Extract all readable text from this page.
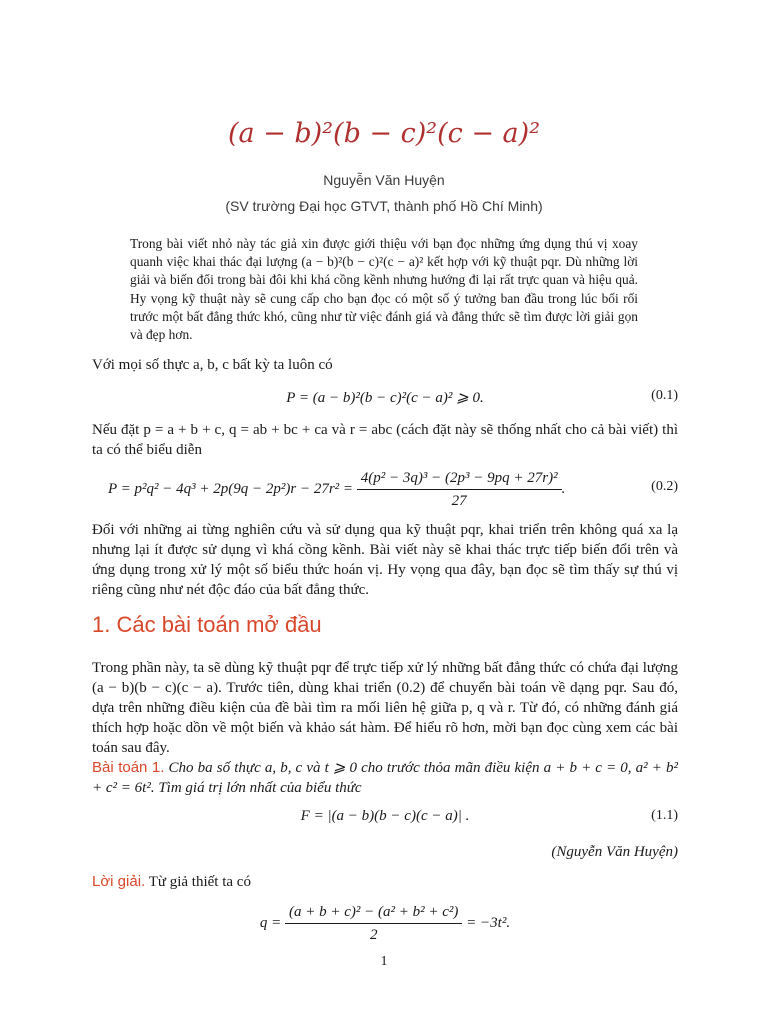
(a − b)²(b − c)²(c − a)²
Nguyễn Văn Huyện
(SV trường Đại học GTVT, thành phố Hồ Chí Minh)
Trong bài viết nhỏ này tác giả xin được giới thiệu với bạn đọc những ứng dụng thú vị xoay quanh việc khai thác đại lượng (a − b)²(b − c)²(c − a)² kết hợp với kỹ thuật pqr. Dù những lời giải và biến đổi trong bài đôi khi khá cồng kềnh nhưng hướng đi lại rất trực quan và hiệu quả. Hy vọng kỹ thuật này sẽ cung cấp cho bạn đọc có một số ý tưởng ban đầu trong lúc bối rối trước một bất đẳng thức khó, cũng như từ việc đánh giá và đẳng thức sẽ tìm được lời giải gọn và đẹp hơn.
Với mọi số thực a, b, c bất kỳ ta luôn có
P = (a − b)²(b − c)²(c − a)² ⩾ 0.	(0.1)
Nếu đặt p = a + b + c, q = ab + bc + ca và r = abc (cách đặt này sẽ thống nhất cho cả bài viết) thì ta có thể biểu diễn
$P = p^2q^2 - 4q^3 + 2p(9q - 2p^2)r - 27r^2 = \frac{\text{4(p² − 3q)³ − (2p³ − 9pq + 27r)²}}{27}$ .	(0.2)
Đối với những ai từng nghiên cứu và sử dụng qua kỹ thuật pqr, khai triển trên không quá xa lạ nhưng lại ít được sử dụng vì khá cồng kềnh. Bài viết này sẽ khai thác trực tiếp biến đổi trên và ứng dụng trong xử lý một số biểu thức hoán vị. Hy vọng qua đây, bạn đọc sẽ tìm thấy sự thú vị riêng cũng như nét độc đáo của bất đẳng thức.
1. Các bài toán mở đầu
Trong phần này, ta sẽ dùng kỹ thuật pqr để trực tiếp xử lý những bất đẳng thức có chứa đại lượng (a − b)(b − c)(c − a). Trước tiên, dùng khai triển (0.2) để chuyển bài toán về dạng pqr. Sau đó, dựa trên những điều kiện của đề bài tìm ra mối liên hệ giữa p, q và r. Từ đó, có những đánh giá thích hợp hoặc dồn về một biến và khảo sát hàm. Để hiểu rõ hơn, mời bạn đọc cùng xem các bài toán sau đây.
Bài toán 1. Cho ba số thực a, b, c và t ⩾ 0 cho trước thỏa mãn điều kiện a + b + c = 0, a² + b² + c² = 6t². Tìm giá trị lớn nhất của biểu thức
F = |(a − b)(b − c)(c − a)| .	(1.1)
(Nguyễn Văn Huyện)
Lời giải. Từ giả thiết ta có
$q = \frac{\text{(a + b + c)² − (a² + b² + c²)}}{2} = -3t^2$.
1
